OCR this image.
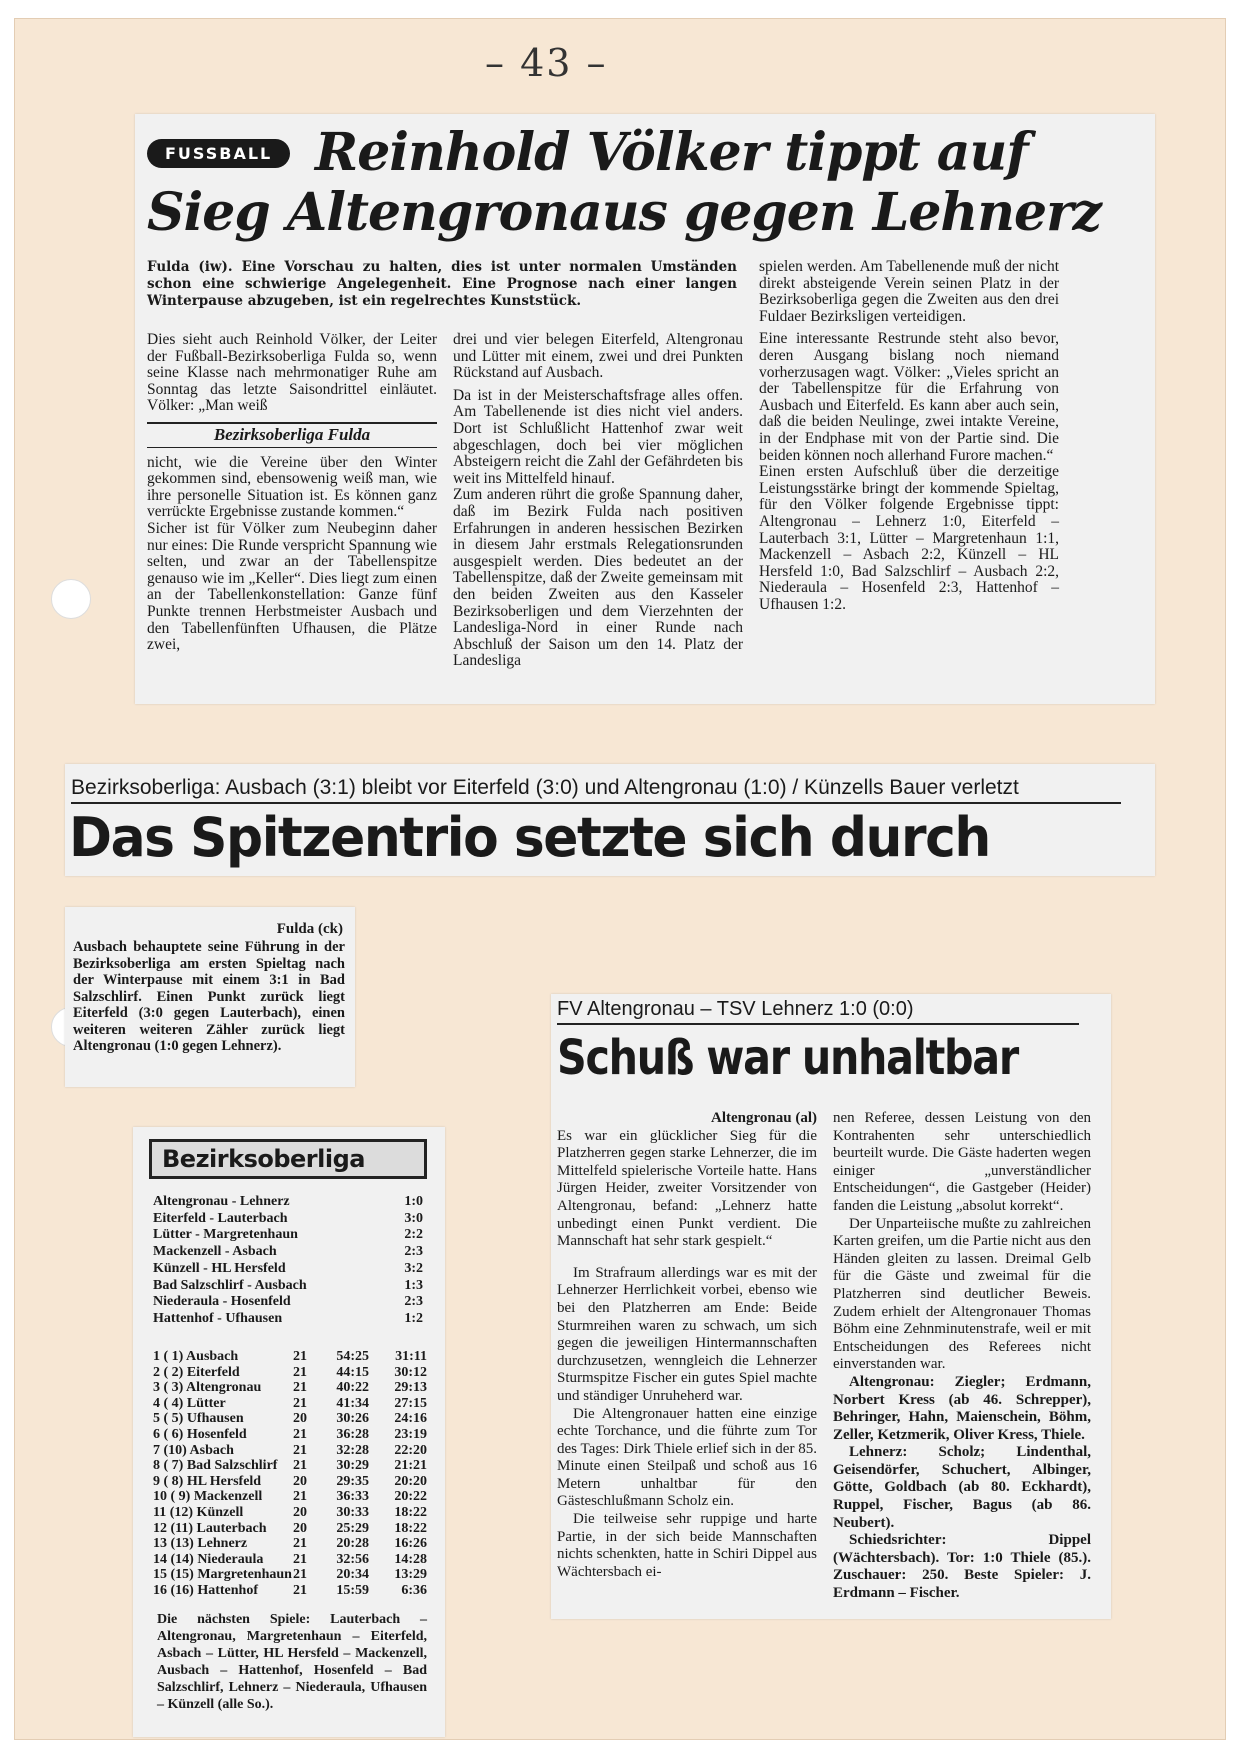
– 43 –
FUSSBALL Reinhold Völker tippt auf
Sieg Altengronaus gegen Lehnerz

Fulda (iw). Eine Vorschau zu halten, dies ist unter normalen Umständen schon eine schwierige Angelegenheit. Eine Prognose nach einer langen Winterpause abzugeben, ist ein regelrechtes Kunststück.

Dies sieht auch Reinhold Völker, der Leiter der Fußball-Bezirksoberliga Fulda so, wenn seine Klasse nach mehrmonatiger Ruhe am Sonntag das letzte Saisondrittel einläutet. Völker: „Man weiß

Bezirksoberliga Fulda

nicht, wie die Vereine über den Winter gekommen sind, ebensowenig weiß man, wie ihre personelle Situation ist. Es können ganz verrückte Ergebnisse zustande kommen.“

Sicher ist für Völker zum Neubeginn daher nur eines: Die Runde verspricht Spannung wie selten, und zwar an der Tabellenspitze genauso wie im „Keller“. Dies liegt zum einen an der Tabellenkonstellation: Ganze fünf Punkte trennen Herbstmeister Ausbach und den Tabellenfünften Ufhausen, die Plätze zwei,

drei und vier belegen Eiterfeld, Altengronau und Lütter mit einem, zwei und drei Punkten Rückstand auf Ausbach.

Da ist in der Meisterschaftsfrage alles offen. Am Tabellenende ist dies nicht viel anders. Dort ist Schlußlicht Hattenhof zwar weit abgeschlagen, doch bei vier möglichen Absteigern reicht die Zahl der Gefährdeten bis weit ins Mittelfeld hinauf.

Zum anderen rührt die große Spannung daher, daß im Bezirk Fulda nach positiven Erfahrungen in anderen hessischen Bezirken in diesem Jahr erstmals Relegationsrunden ausgespielt werden. Dies bedeutet an der Tabellenspitze, daß der Zweite gemeinsam mit den beiden Zweiten aus den Kasseler Bezirksoberligen und dem Vierzehnten der Landesliga-Nord in einer Runde nach Abschluß der Saison um den 14. Platz der Landesliga

spielen werden. Am Tabellenende muß der nicht direkt absteigende Verein seinen Platz in der Bezirksoberliga gegen die Zweiten aus den drei Fuldaer Bezirksligen verteidigen.

Eine interessante Restrunde steht also bevor, deren Ausgang bislang noch niemand vorherzusagen wagt. Völker: „Vieles spricht an der Tabellenspitze für die Erfahrung von Ausbach und Eiterfeld. Es kann aber auch sein, daß die beiden Neulinge, zwei intakte Vereine, in der Endphase mit von der Partie sind. Die beiden können noch allerhand Furore machen.“

Einen ersten Aufschluß über die derzeitige Leistungsstärke bringt der kommende Spieltag, für den Völker folgende Ergebnisse tippt: Altengronau – Lehnerz 1:0, Eiterfeld – Lauterbach 3:1, Lütter – Margretenhaun 1:1, Mackenzell – Asbach 2:2, Künzell – HL Hersfeld 1:0, Bad Salzschlirf – Ausbach 2:2, Niederaula – Hosenfeld 2:3, Hattenhof – Ufhausen 1:2.

Bezirksoberliga: Ausbach (3:1) bleibt vor Eiterfeld (3:0) und Altengronau (1:0) / Künzells Bauer verletzt
Das Spitzentrio setzte sich durch
Fulda (ck)

Ausbach behauptete seine Führung in der Bezirksoberliga am ersten Spieltag nach der Winterpause mit einem 3:1 in Bad Salzschlirf. Einen Punkt zurück liegt Eiterfeld (3:0 gegen Lauterbach), einen weiteren weiteren Zähler zurück liegt Altengronau (1:0 gegen Lehnerz).

Bezirksoberliga
Altengronau - Lehnerz	1:0
Eiterfeld - Lauterbach	3:0
Lütter - Margretenhaun	2:2
Mackenzell - Asbach	2:3
Künzell - HL Hersfeld	3:2
Bad Salzschlirf - Ausbach	1:3
Niederaula - Hosenfeld	2:3
Hattenhof - Ufhausen	1:2
1 ( 1) Ausbach	21	54:25	31:11
2 ( 2) Eiterfeld	21	44:15	30:12
3 ( 3) Altengronau	21	40:22	29:13
4 ( 4) Lütter	21	41:34	27:15
5 ( 5) Ufhausen	20	30:26	24:16
6 ( 6) Hosenfeld	21	36:28	23:19
7 (10) Asbach	21	32:28	22:20
8 ( 7) Bad Salzschlirf	21	30:29	21:21
9 ( 8) HL Hersfeld	20	29:35	20:20
10 ( 9) Mackenzell	21	36:33	20:22
11 (12) Künzell	20	30:33	18:22
12 (11) Lauterbach	20	25:29	18:22
13 (13) Lehnerz	21	20:28	16:26
14 (14) Niederaula	21	32:56	14:28
15 (15) Margretenhaun 21	20:34	13:29
16 (16) Hattenhof	21	15:59	6:36

Die nächsten Spiele: Lauterbach – Altengronau, Margretenhaun – Eiterfeld, Asbach – Lütter, HL Hersfeld – Mackenzell, Ausbach – Hattenhof, Hosenfeld – Bad Salzschlirf, Lehnerz – Niederaula, Ufhausen – Künzell (alle So.).

FV Altengronau – TSV Lehnerz 1:0 (0:0)
Schuß war unhaltbar

Altengronau (al)

Es war ein glücklicher Sieg für die Platzherren gegen starke Lehnerzer, die im Mittelfeld spielerische Vorteile hatte. Hans Jürgen Heider, zweiter Vorsitzender von Altengronau, befand: „Lehnerz hatte unbedingt einen Punkt verdient. Die Mannschaft hat sehr stark gespielt.“

Im Strafraum allerdings war es mit der Lehnerzer Herrlichkeit vorbei, ebenso wie bei den Platzherren am Ende: Beide Sturmreihen waren zu schwach, um sich gegen die jeweiligen Hintermannschaften durchzusetzen, wenngleich die Lehnerzer Sturmspitze Fischer ein gutes Spiel machte und ständiger Unruheherd war.

Die Altengronauer hatten eine einzige echte Torchance, und die führte zum Tor des Tages: Dirk Thiele erlief sich in der 85. Minute einen Steilpaß und schoß aus 16 Metern unhaltbar für den Gästeschlußmann Scholz ein.

Die teilweise sehr ruppige und harte Partie, in der sich beide Mannschaften nichts schenkten, hatte in Schiri Dippel aus Wächtersbach ei-

nen Referee, dessen Leistung von den Kontrahenten sehr unterschiedlich beurteilt wurde. Die Gäste haderten wegen einiger „unverständlicher Entscheidungen“, die Gastgeber (Heider) fanden die Leistung „absolut korrekt“.

Der Unparteiische mußte zu zahlreichen Karten greifen, um die Partie nicht aus den Händen gleiten zu lassen. Dreimal Gelb für die Gäste und zweimal für die Platzherren sind deutlicher Beweis. Zudem erhielt der Altengronauer Thomas Böhm eine Zehnminutenstrafe, weil er mit Entscheidungen des Referees nicht einverstanden war.

Altengronau: Ziegler; Erdmann, Norbert Kress (ab 46. Schrepper), Behringer, Hahn, Maienschein, Böhm, Zeller, Ketzmerik, Oliver Kress, Thiele.

Lehnerz: Scholz; Lindenthal, Geisendörfer, Schuchert, Albinger, Götte, Goldbach (ab 80. Eckhardt), Ruppel, Fischer, Bagus (ab 86. Neubert).

Schiedsrichter: Dippel (Wächtersbach). Tor: 1:0 Thiele (85.). Zuschauer: 250. Beste Spieler: J. Erdmann – Fischer.
